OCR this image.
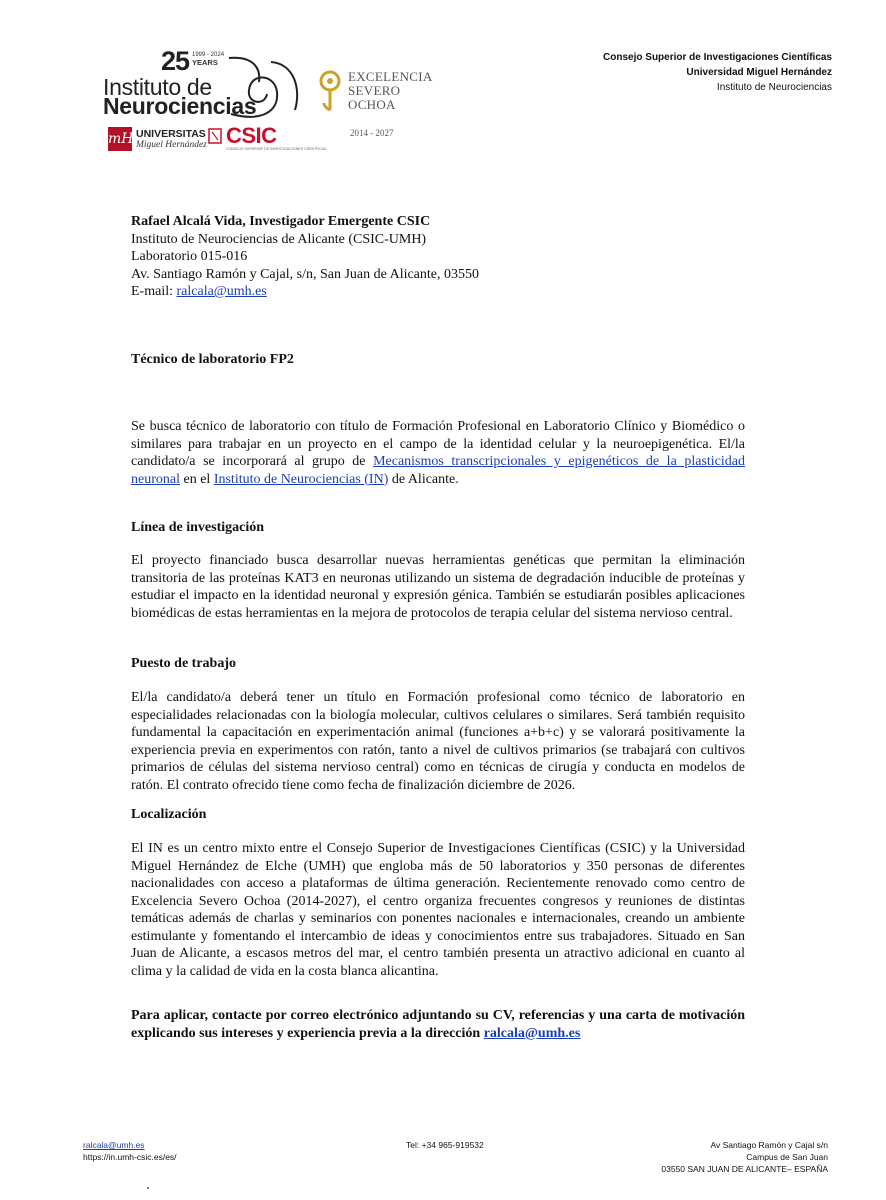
25 1999 - 2024
YEARS
Instituto de
Neurociencias
mH UNIVERSITAS
Miguel Hernández CSIC
CONSEJO SUPERIOR DE INVESTIGACIONES CIENTÍFICAS
EXCELENCIA
SEVERO
OCHOA
2014 - 2027
Consejo Superior de Investigaciones Científicas
Universidad Miguel Hernández
Instituto de Neurociencias
Rafael Alcalá Vida, Investigador Emergente CSIC
Instituto de Neurociencias de Alicante (CSIC-UMH)
Laboratorio 015-016
Av. Santiago Ramón y Cajal, s/n, San Juan de Alicante, 03550
E-mail: ralcala@umh.es
Técnico de laboratorio FP2
Se busca técnico de laboratorio con título de Formación Profesional en Laboratorio Clínico y Biomédico o similares para trabajar en un proyecto en el campo de la identidad celular y la neuroepigenética. El/la candidato/a se incorporará al grupo de Mecanismos transcripcionales y epigenéticos de la plasticidad neuronal en el Instituto de Neurociencias (IN) de Alicante.
Línea de investigación
El proyecto financiado busca desarrollar nuevas herramientas genéticas que permitan la eliminación transitoria de las proteínas KAT3 en neuronas utilizando un sistema de degradación inducible de proteínas y estudiar el impacto en la identidad neuronal y expresión génica. También se estudiarán posibles aplicaciones biomédicas de estas herramientas en la mejora de protocolos de terapia celular del sistema nervioso central.
Puesto de trabajo
El/la candidato/a deberá tener un título en Formación profesional como técnico de laboratorio en especialidades relacionadas con la biología molecular, cultivos celulares o similares. Será también requisito fundamental la capacitación en experimentación animal (funciones a+b+c) y se valorará positivamente la experiencia previa en experimentos con ratón, tanto a nivel de cultivos primarios (se trabajará con cultivos primarios de células del sistema nervioso central) como en técnicas de cirugía y conducta en modelos de ratón. El contrato ofrecido tiene como fecha de finalización diciembre de 2026.
Localización
El IN es un centro mixto entre el Consejo Superior de Investigaciones Científicas (CSIC) y la Universidad Miguel Hernández de Elche (UMH) que engloba más de 50 laboratorios y 350 personas de diferentes nacionalidades con acceso a plataformas de última generación. Recientemente renovado como centro de Excelencia Severo Ochoa (2014-2027), el centro organiza frecuentes congresos y reuniones de distintas temáticas además de charlas y seminarios con ponentes nacionales e internacionales, creando un ambiente estimulante y fomentando el intercambio de ideas y conocimientos entre sus trabajadores. Situado en San Juan de Alicante, a escasos metros del mar, el centro también presenta un atractivo adicional en cuanto al clima y la calidad de vida en la costa blanca alicantina.
Para aplicar, contacte por correo electrónico adjuntando su CV, referencias y una carta de motivación explicando sus intereses y experiencia previa a la dirección ralcala@umh.es
ralcala@umh.es
https://in.umh-csic.es/es/
Tel: +34 965-919532	Av Santiago Ramón y Cajal s/n
Campus de San Juan
03550 SAN JUAN DE ALICANTE– ESPAÑA
